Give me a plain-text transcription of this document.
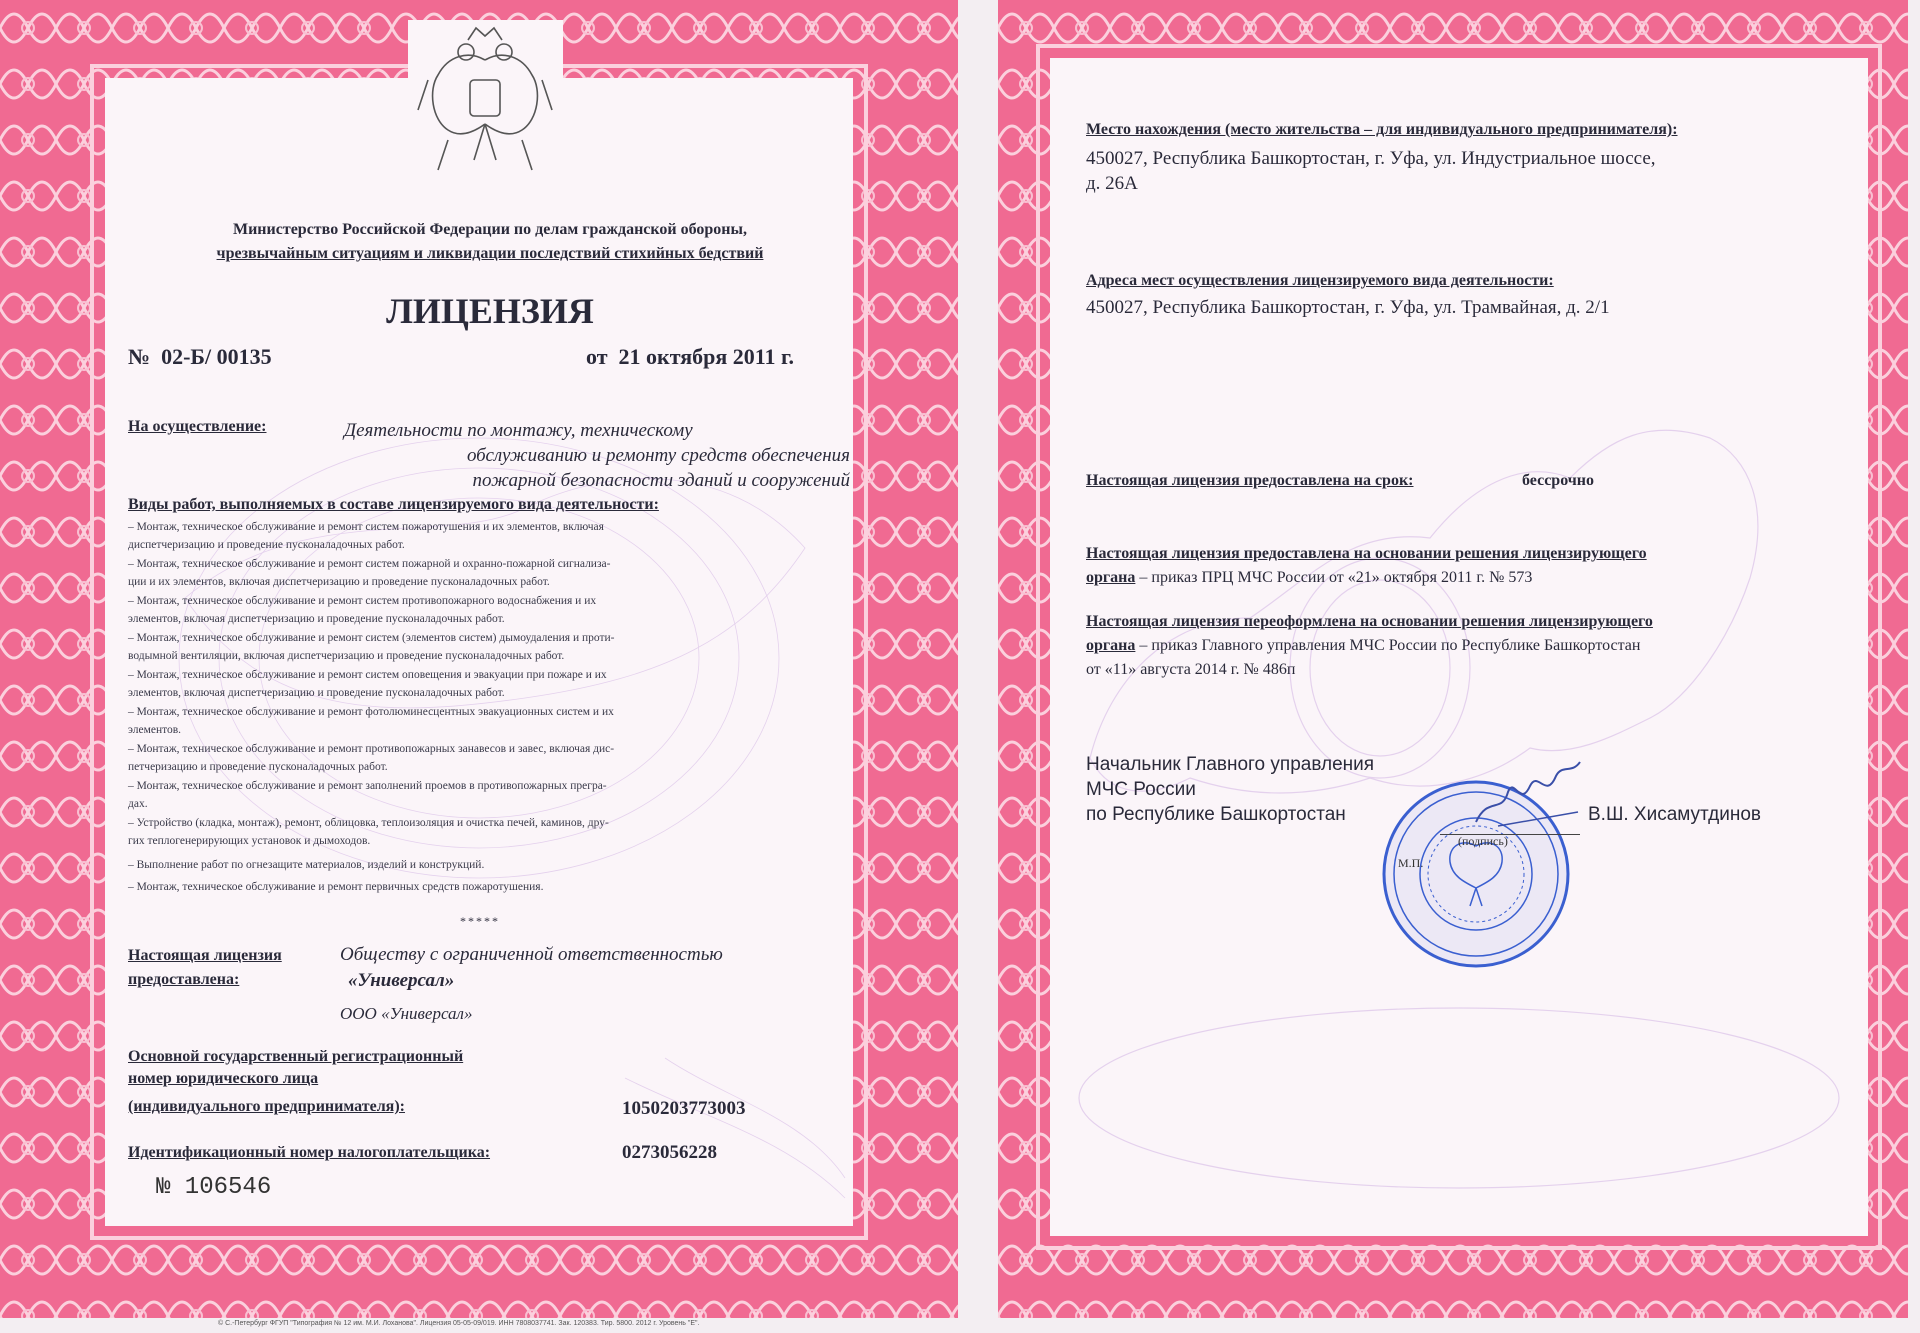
Министерство Российской Федерации по делам гражданской обороны,
чрезвычайным ситуациям и ликвидации последствий стихийных бедствий
ЛИЦЕНЗИЯ
№ 02-Б/ 00135	от 21 октября 2011 г.
На осуществление:	Деятельности по монтажу, техническому
обслуживанию и ремонту средств обеспечения
пожарной безопасности зданий и сооружений
Виды работ, выполняемых в составе лицензируемого вида деятельности:
– Монтаж, техническое обслуживание и ремонт систем пожаротушения и их элементов, включая
диспетчеризацию и проведение пусконаладочных работ.
– Монтаж, техническое обслуживание и ремонт систем пожарной и охранно-пожарной сигнализа-
ции и их элементов, включая диспетчеризацию и проведение пусконаладочных работ.
– Монтаж, техническое обслуживание и ремонт систем противопожарного водоснабжения и их
элементов, включая диспетчеризацию и проведение пусконаладочных работ.
– Монтаж, техническое обслуживание и ремонт систем (элементов систем) дымоудаления и проти-
водымной вентиляции, включая диспетчеризацию и проведение пусконаладочных работ.
– Монтаж, техническое обслуживание и ремонт систем оповещения и эвакуации при пожаре и их
элементов, включая диспетчеризацию и проведение пусконаладочных работ.
– Монтаж, техническое обслуживание и ремонт фотолюминесцентных эвакуационных систем и их
элементов.
– Монтаж, техническое обслуживание и ремонт противопожарных занавесов и завес, включая дис-
петчеризацию и проведение пусконаладочных работ.
– Монтаж, техническое обслуживание и ремонт заполнений проемов в противопожарных прегра-
дах.
– Устройство (кладка, монтаж), ремонт, облицовка, теплоизоляция и очистка печей, каминов, дру-
гих теплогенерирующих установок и дымоходов.
– Выполнение работ по огнезащите материалов, изделий и конструкций.
– Монтаж, техническое обслуживание и ремонт первичных средств пожаротушения.
*****
Настоящая лицензия
предоставлена:
Обществу с ограниченной ответственностью
«Универсал»
ООО «Универсал»
Основной государственный регистрационный
номер юридического лица
(индивидуального предпринимателя):	1050203773003
Идентификационный номер налогоплательщика:	0273056228
№ 106546
© С.-Петербург ФГУП "Типография № 12 им. М.И. Лоханова". Лицензия 05-05-09/019. ИНН 7808037741. Зак. 120383. Тир. 5800. 2012 г. Уровень "Е".
Место нахождения (место жительства – для индивидуального предпринимателя):
450027, Республика Башкортостан, г. Уфа, ул. Индустриальное шоссе,
д. 26А
Адреса мест осуществления лицензируемого вида деятельности:
450027, Республика Башкортостан, г. Уфа, ул. Трамвайная, д. 2/1
Настоящая лицензия предоставлена на срок:	бессрочно
Настоящая лицензия предоставлена на основании решения лицензирующего
органа – приказ ПРЦ МЧС России от «21» октября 2011 г. № 573
Настоящая лицензия переоформлена на основании решения лицензирующего
органа – приказ Главного управления МЧС России по Республике Башкортостан
от «11» августа 2014 г. № 486п
Начальник Главного управления
МЧС России
по Республике Башкортостан
М.П.
(подпись)
В.Ш. Хисамутдинов
